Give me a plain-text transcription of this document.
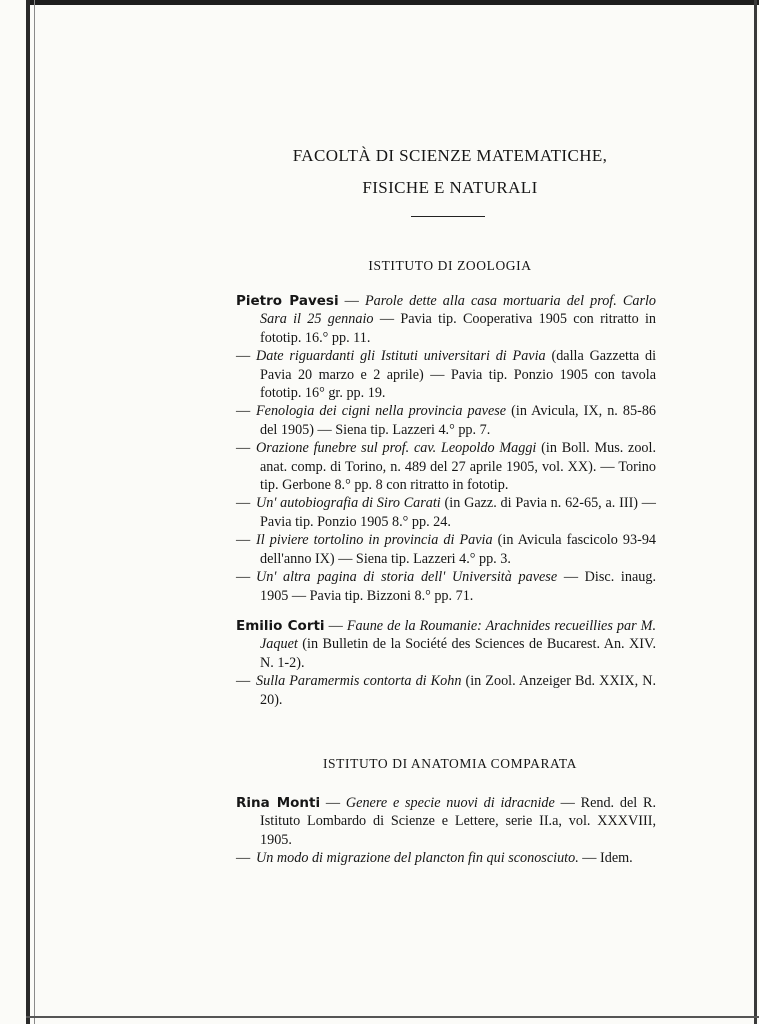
FACOLTÀ DI SCIENZE MATEMATICHE,
FISICHE E NATURALI
ISTITUTO DI ZOOLOGIA

Pietro Pavesi — Parole dette alla casa mortuaria del prof. Carlo Sara il 25 gennaio — Pavia tip. Cooperativa 1905 con ritratto in fototip. 16.° pp. 11.

— Date riguardanti gli Istituti universitari di Pavia (dalla Gazzetta di Pavia 20 marzo e 2 aprile) — Pavia tip. Ponzio 1905 con tavola fototip. 16° gr. pp. 19.

— Fenologia dei cigni nella provincia pavese (in Avicula, IX, n. 85-86 del 1905) — Siena tip. Lazzeri 4.° pp. 7.

— Orazione funebre sul prof. cav. Leopoldo Maggi (in Boll. Mus. zool. anat. comp. di Torino, n. 489 del 27 aprile 1905, vol. XX). — Torino tip. Gerbone 8.° pp. 8 con ritratto in fototip.

— Un' autobiografia di Siro Carati (in Gazz. di Pavia n. 62-65, a. III) — Pavia tip. Ponzio 1905 8.° pp. 24.

— Il piviere tortolino in provincia di Pavia (in Avicula fascicolo 93-94 dell'anno IX) — Siena tip. Lazzeri 4.° pp. 3.

— Un' altra pagina di storia dell' Università pavese — Disc. inaug. 1905 — Pavia tip. Bizzoni 8.° pp. 71.

Emilio Corti — Faune de la Roumanie: Arachnides recueillies par M. Jaquet (in Bulletin de la Société des Sciences de Bucarest. An. XIV. N. 1-2).

— Sulla Paramermis contorta di Kohn (in Zool. Anzeiger Bd. XXIX, N. 20).

ISTITUTO DI ANATOMIA COMPARATA

Rina Monti — Genere e specie nuovi di idracnide — Rend. del R. Istituto Lombardo di Scienze e Lettere, serie II.a, vol. XXXVIII, 1905.

— Un modo di migrazione del plancton fin qui sconosciuto. — Idem.
